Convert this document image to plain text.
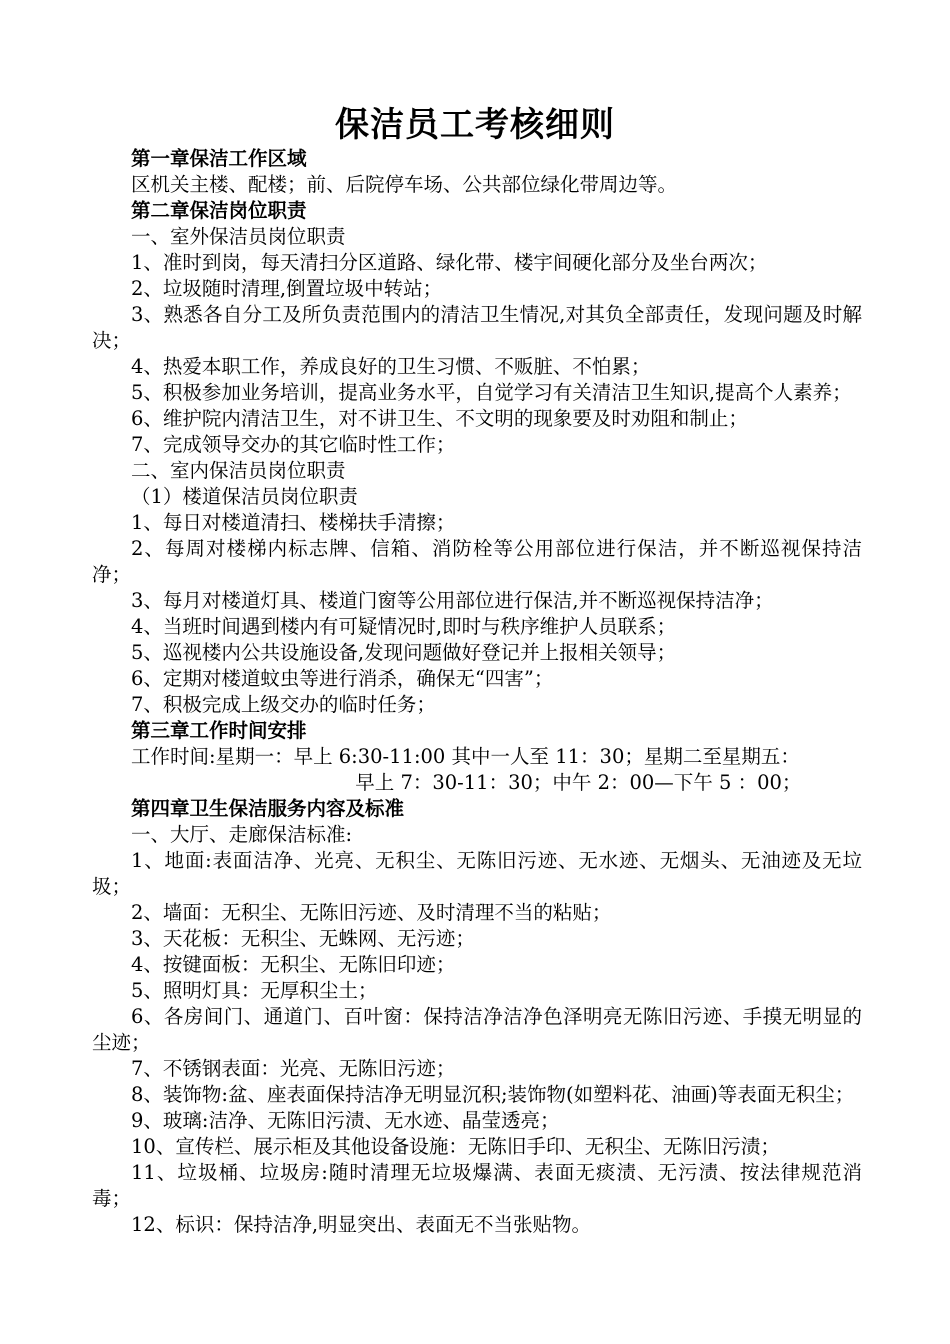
保洁员工考核细则

第一章保洁工作区域

区机关主楼、配楼；前、后院停车场、公共部位绿化带周边等。

第二章保洁岗位职责

一、室外保洁员岗位职责

1、准时到岗，每天清扫分区道路、绿化带、楼宇间硬化部分及坐台两次；

2、垃圾随时清理,倒置垃圾中转站；

3、熟悉各自分工及所负责范围内的清洁卫生情况,对其负全部责任，发现问题及时解决；

4、热爱本职工作，养成良好的卫生习惯、不贩脏、不怕累；

5、积极参加业务培训，提高业务水平，自觉学习有关清洁卫生知识,提高个人素养；

6、维护院内清洁卫生，对不讲卫生、不文明的现象要及时劝阻和制止；

7、完成领导交办的其它临时性工作；

二、室内保洁员岗位职责

（1）楼道保洁员岗位职责

1、每日对楼道清扫、楼梯扶手清擦；

2、每周对楼梯内标志牌、信箱、消防栓等公用部位进行保洁，并不断巡视保持洁净；

3、每月对楼道灯具、楼道门窗等公用部位进行保洁,并不断巡视保持洁净；

4、当班时间遇到楼内有可疑情况时,即时与秩序维护人员联系；

5、巡视楼内公共设施设备,发现问题做好登记并上报相关领导；

6、定期对楼道蚊虫等进行消杀，确保无“四害”；

7、积极完成上级交办的临时任务；

第三章工作时间安排

工作时间:星期一：早上 6:30-11:00 其中一人至 11：30；星期二至星期五：

早上 7：30-11：30；中午 2：00—下午 5 ：00；

第四章卫生保洁服务内容及标准

一、大厅、走廊保洁标准:

1、地面:表面洁净、光亮、无积尘、无陈旧污迹、无水迹、无烟头、无油迹及无垃圾；

2、墙面：无积尘、无陈旧污迹、及时清理不当的粘贴；

3、天花板：无积尘、无蛛网、无污迹；

4、按键面板：无积尘、无陈旧印迹；

5、照明灯具：无厚积尘土；

6、各房间门、通道门、百叶窗：保持洁净洁净色泽明亮无陈旧污迹、手摸无明显的尘迹；

7、不锈钢表面：光亮、无陈旧污迹；

8、装饰物:盆、座表面保持洁净无明显沉积;装饰物(如塑料花、油画)等表面无积尘；

9、玻璃:洁净、无陈旧污渍、无水迹、晶莹透亮；

10、宣传栏、展示柜及其他设备设施：无陈旧手印、无积尘、无陈旧污渍；

11、垃圾桶、垃圾房:随时清理无垃圾爆满、表面无痰渍、无污渍、按法律规范消毒；

12、标识：保持洁净,明显突出、表面无不当张贴物。
